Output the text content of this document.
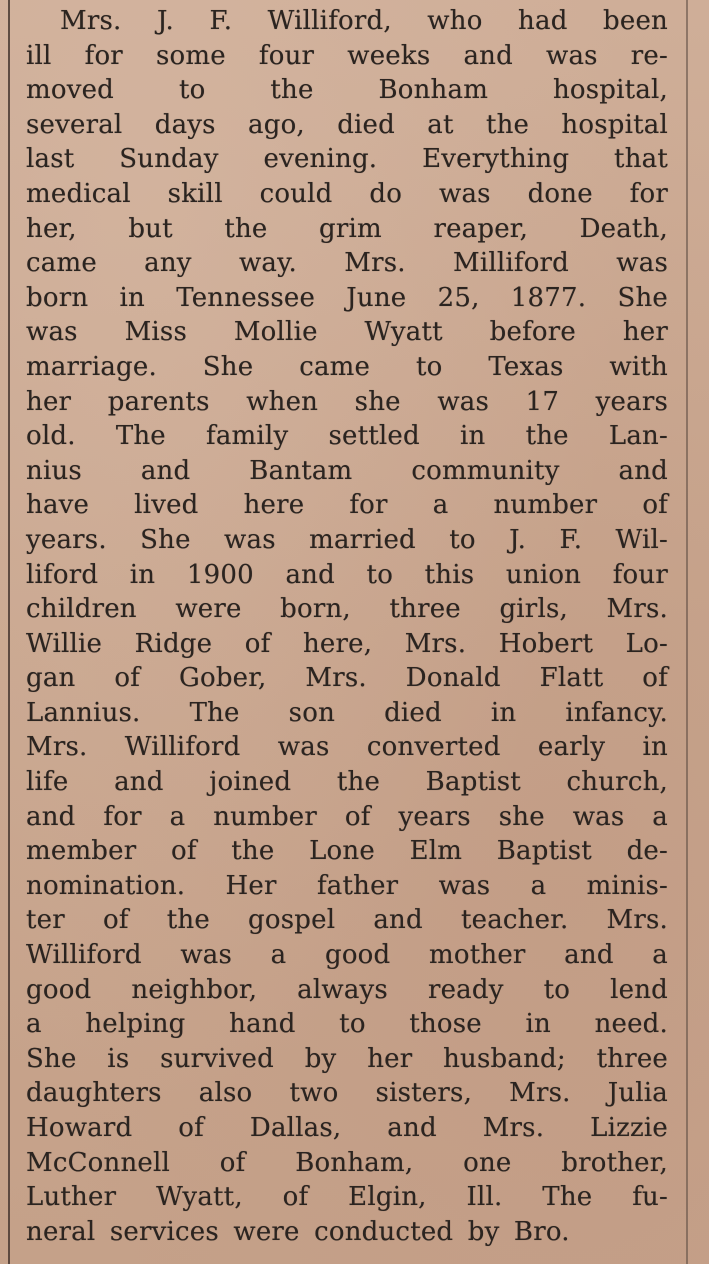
Mrs. J. F. Williford, who had been
ill for some four weeks and was re-
moved to the Bonham hospital,
several days ago, died at the hospital
last Sunday evening. Everything that
medical skill could do was done for
her, but the grim reaper, Death,
came any way. Mrs. Milliford was
born in Tennessee June 25, 1877. She
was Miss Mollie Wyatt before her
marriage. She came to Texas with
her parents when she was 17 years
old. The family settled in the Lan-
nius and Bantam community and
have lived here for a number of
years. She was married to J. F. Wil-
liford in 1900 and to this union four
children were born, three girls, Mrs.
Willie Ridge of here, Mrs. Hobert Lo-
gan of Gober, Mrs. Donald Flatt of
Lannius. The son died in infancy.
Mrs. Williford was converted early in
life and joined the Baptist church,
and for a number of years she was a
member of the Lone Elm Baptist de-
nomination. Her father was a minis-
ter of the gospel and teacher. Mrs.
Williford was a good mother and a
good neighbor, always ready to lend
a helping hand to those in need.
She is survived by her husband; three
daughters also two sisters, Mrs. Julia
Howard of Dallas, and Mrs. Lizzie
McConnell of Bonham, one brother,
Luther Wyatt, of Elgin, Ill. The fu-
neral services were conducted by Bro.
